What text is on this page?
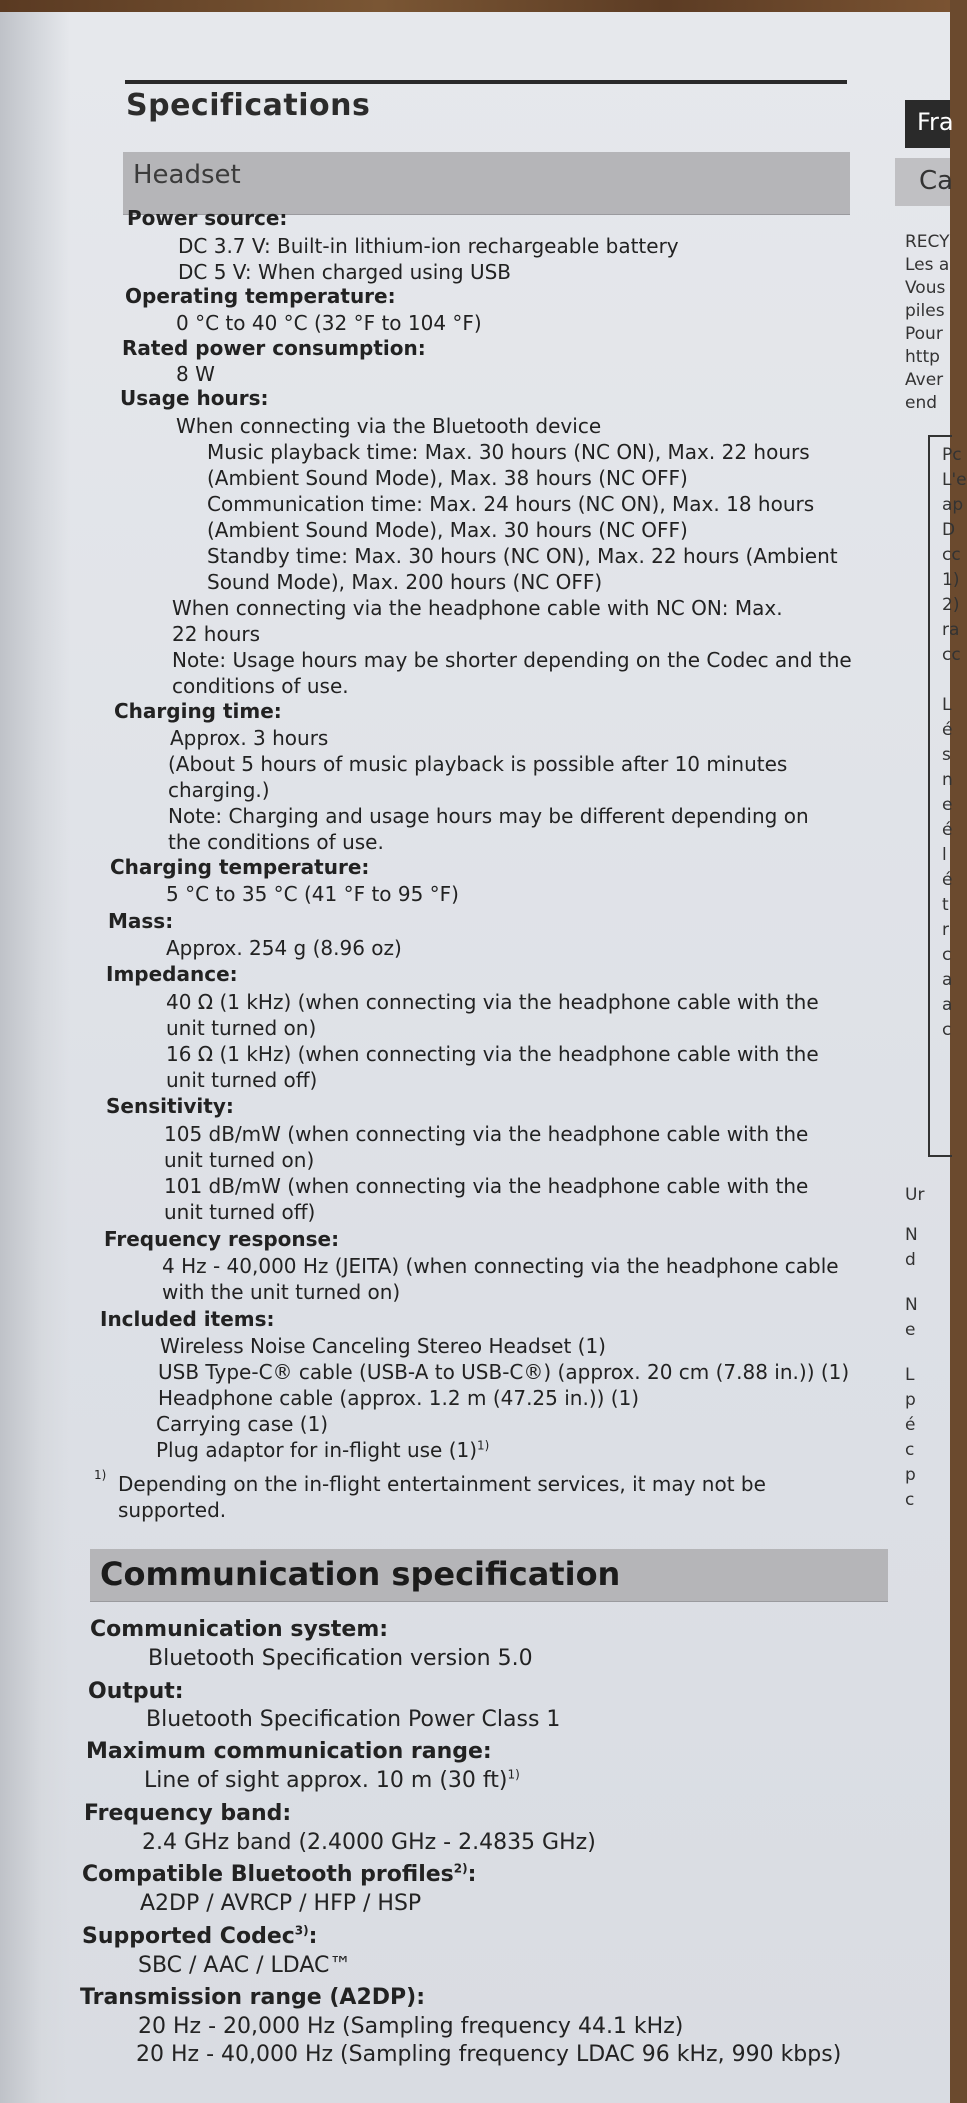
Specifications
Headset
Power source:
DC 3.7 V: Built-in lithium-ion rechargeable battery
DC 5 V: When charged using USB
Operating temperature:
0 °C to 40 °C (32 °F to 104 °F)
Rated power consumption:
8 W
Usage hours:
When connecting via the Bluetooth device
Music playback time: Max. 30 hours (NC ON), Max. 22 hours
(Ambient Sound Mode), Max. 38 hours (NC OFF)
Communication time: Max. 24 hours (NC ON), Max. 18 hours
(Ambient Sound Mode), Max. 30 hours (NC OFF)
Standby time: Max. 30 hours (NC ON), Max. 22 hours (Ambient
Sound Mode), Max. 200 hours (NC OFF)
When connecting via the headphone cable with NC ON: Max.
22 hours
Note: Usage hours may be shorter depending on the Codec and the
conditions of use.
Charging time:
Approx. 3 hours
(About 5 hours of music playback is possible after 10 minutes
charging.)
Note: Charging and usage hours may be different depending on
the conditions of use.
Charging temperature:
5 °C to 35 °C (41 °F to 95 °F)
Mass:
Approx. 254 g (8.96 oz)
Impedance:
40 Ω (1 kHz) (when connecting via the headphone cable with the
unit turned on)
16 Ω (1 kHz) (when connecting via the headphone cable with the
unit turned off)
Sensitivity:
105 dB/mW (when connecting via the headphone cable with the
unit turned on)
101 dB/mW (when connecting via the headphone cable with the
unit turned off)
Frequency response:
4 Hz - 40,000 Hz (JEITA) (when connecting via the headphone cable
with the unit turned on)
Included items:
Wireless Noise Canceling Stereo Headset (1)
USB Type-C® cable (USB-A to USB-C®) (approx. 20 cm (7.88 in.)) (1)
Headphone cable (approx. 1.2 m (47.25 in.)) (1)
Carrying case (1)
Plug adaptor for in-flight use $(1)^{1)}$
1) Depending on the in-flight entertainment services, it may not be
supported.
Communication specification
Communication system:
Bluetooth Specification version 5.0
Output:
Bluetooth Specification Power Class 1
Maximum communication range:
Line of sight approx. 10 m (30 ft)$^{1)}$
Frequency band:
2.4 GHz band (2.4000 GHz - 2.4835 GHz)
Compatible Bluetooth profiles$^{2)}$:
A2DP / AVRCP / HFP / HSP
Supported Codec$^{3)}$:
SBC / AAC / LDAC™
Transmission range (A2DP):
20 Hz - 20,000 Hz (Sampling frequency 44.1 kHz)
20 Hz - 40,000 Hz (Sampling frequency LDAC 96 kHz, 990 kbps)
Fra
Ca
RECY
Les a
Vous
piles
Pour
http
Aver
end
Pc
L'e
ap
D
cc
1)
2)
ra
cc
L
é
s
n
e
é
l
é
t
r
c
a
a
c
Ur
N
d
N
e
L
p
é
c
p
c
